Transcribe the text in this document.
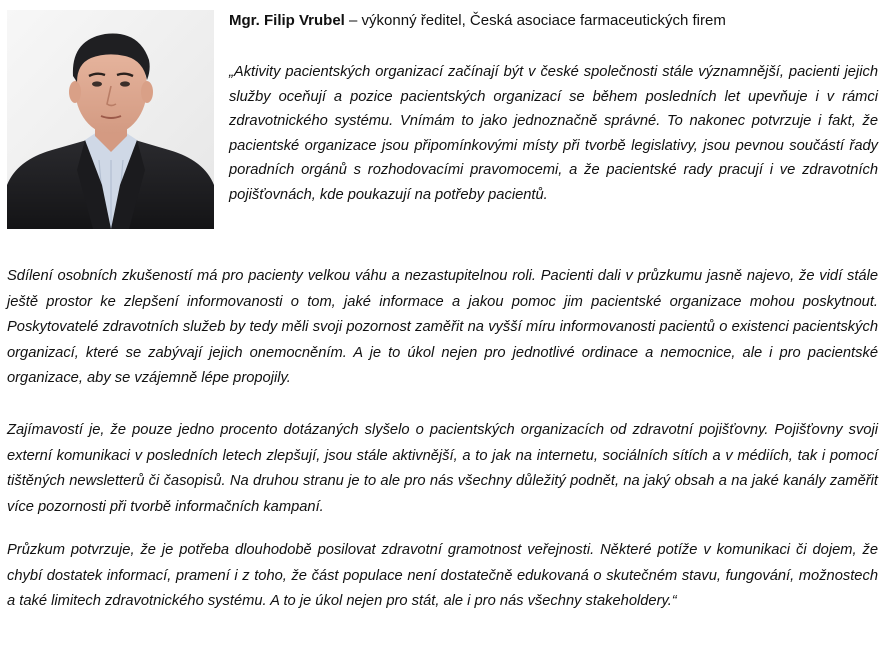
Mgr. Filip Vrubel – výkonný ředitel, Česká asociace farmaceutických firem

„Aktivity pacientských organizací začínají být v české společnosti stále významnější, pacienti jejich služby oceňují a pozice pacientských organizací se během posledních let upevňuje i v rámci zdravotnického systému. Vnímám to jako jednoznačně správné. To nakonec potvrzuje i fakt, že pacientské organizace jsou připomínkovými místy při tvorbě legislativy, jsou pevnou součástí řady poradních orgánů s rozhodovacími pravomocemi, a že pacientské rady pracují i ve zdravotních pojišťovnách, kde poukazují na potřeby pacientů.

Sdílení osobních zkušeností má pro pacienty velkou váhu a nezastupitelnou roli. Pacienti dali v průzkumu jasně najevo, že vidí stále ještě prostor ke zlepšení informovanosti o tom, jaké informace a jakou pomoc jim pacientské organizace mohou poskytnout. Poskytovatelé zdravotních služeb by tedy měli svoji pozornost zaměřit na vyšší míru informovanosti pacientů o existenci pacientských organizací, které se zabývají jejich onemocněním. A je to úkol nejen pro jednotlivé ordinace a nemocnice, ale i pro pacientské organizace, aby se vzájemně lépe propojily.

Zajímavostí je, že pouze jedno procento dotázaných slyšelo o pacientských organizacích od zdravotní pojišťovny. Pojišťovny svoji externí komunikaci v posledních letech zlepšují, jsou stále aktivnější, a to jak na internetu, sociálních sítích a v médiích, tak i pomocí tištěných newsletterů či časopisů. Na druhou stranu je to ale pro nás všechny důležitý podnět, na jaký obsah a na jaké kanály zaměřit více pozornosti při tvorbě informačních kampaní.

Průzkum potvrzuje, že je potřeba dlouhodobě posilovat zdravotní gramotnost veřejnosti. Některé potíže v komunikaci či dojem, že chybí dostatek informací, pramení i z toho, že část populace není dostatečně edukovaná o skutečném stavu, fungování, možnostech a také limitech zdravotnického systému. A to je úkol nejen pro stát, ale i pro nás všechny stakeholdery.“
